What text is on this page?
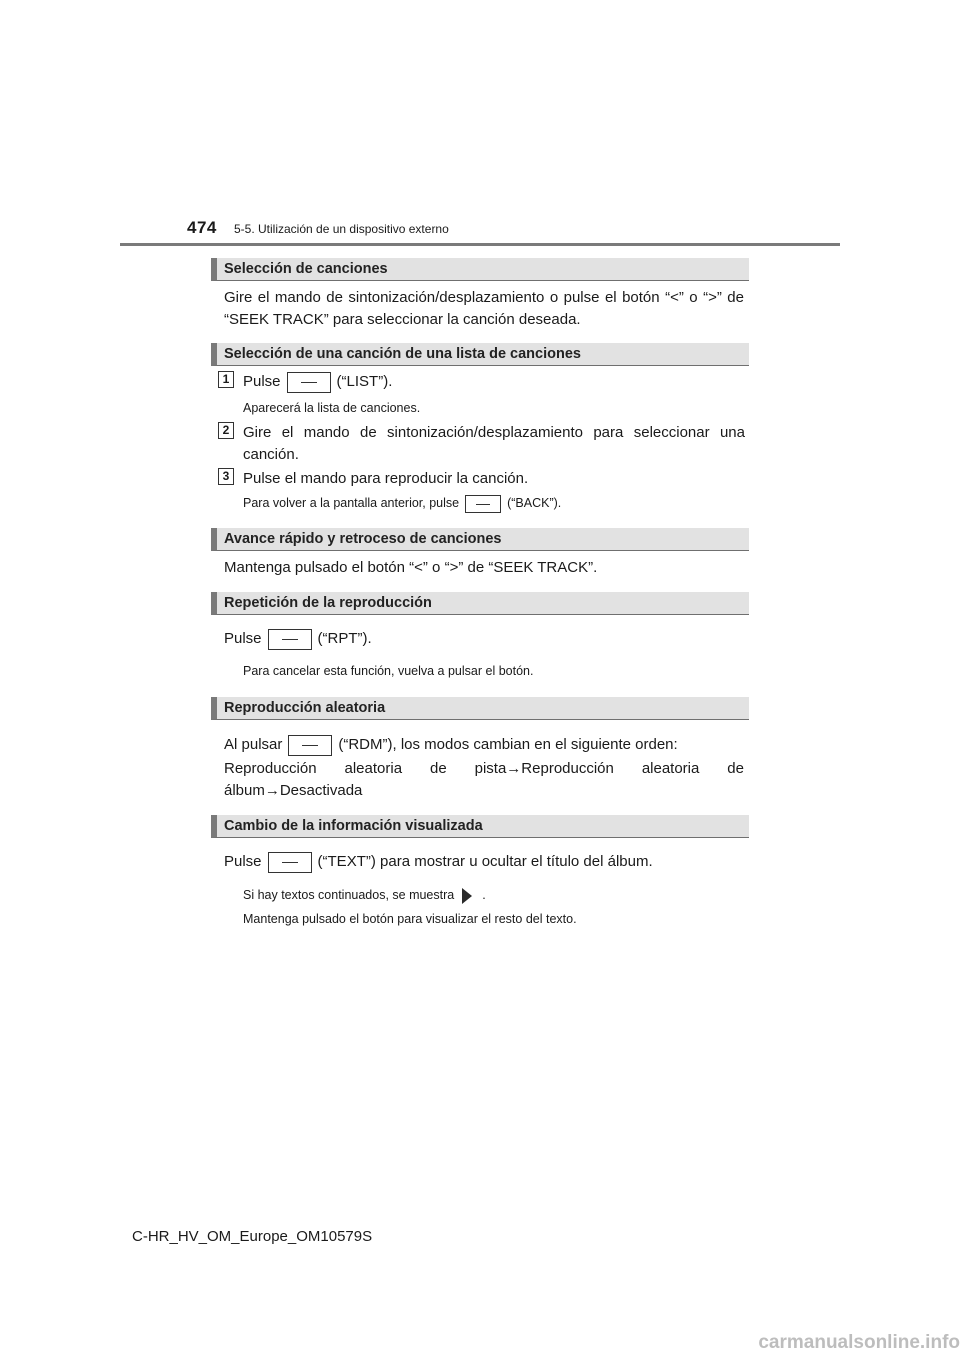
474 5-5. Utilización de un dispositivo externo
Selección de canciones
Gire el mando de sintonización/desplazamiento o pulse el botón “<” o “>” de “SEEK TRACK” para seleccionar la canción deseada.
Selección de una canción de una lista de canciones
1 Pulse	(“LIST”).
Aparecerá la lista de canciones.
2 Gire el mando de sintonización/desplazamiento para seleccionar una canción.
3 Pulse el mando para reproducir la canción.
Para volver a la pantalla anterior, pulse	(“BACK”).
Avance rápido y retroceso de canciones
Mantenga pulsado el botón “<” o “>” de “SEEK TRACK”.
Repetición de la reproducción
Pulse	(“RPT”).
Para cancelar esta función, vuelva a pulsar el botón.
Reproducción aleatoria
Al pulsar	(“RDM”), los modos cambian en el siguiente orden:
Reproducción aleatoria de pista→Reproducción aleatoria de álbum→Desactivada
Cambio de la información visualizada
Pulse	(“TEXT”) para mostrar u ocultar el título del álbum.
Si hay textos continuados, se muestra .
Mantenga pulsado el botón para visualizar el resto del texto.
C-HR_HV_OM_Europe_OM10579S
carmanualsonline.info
